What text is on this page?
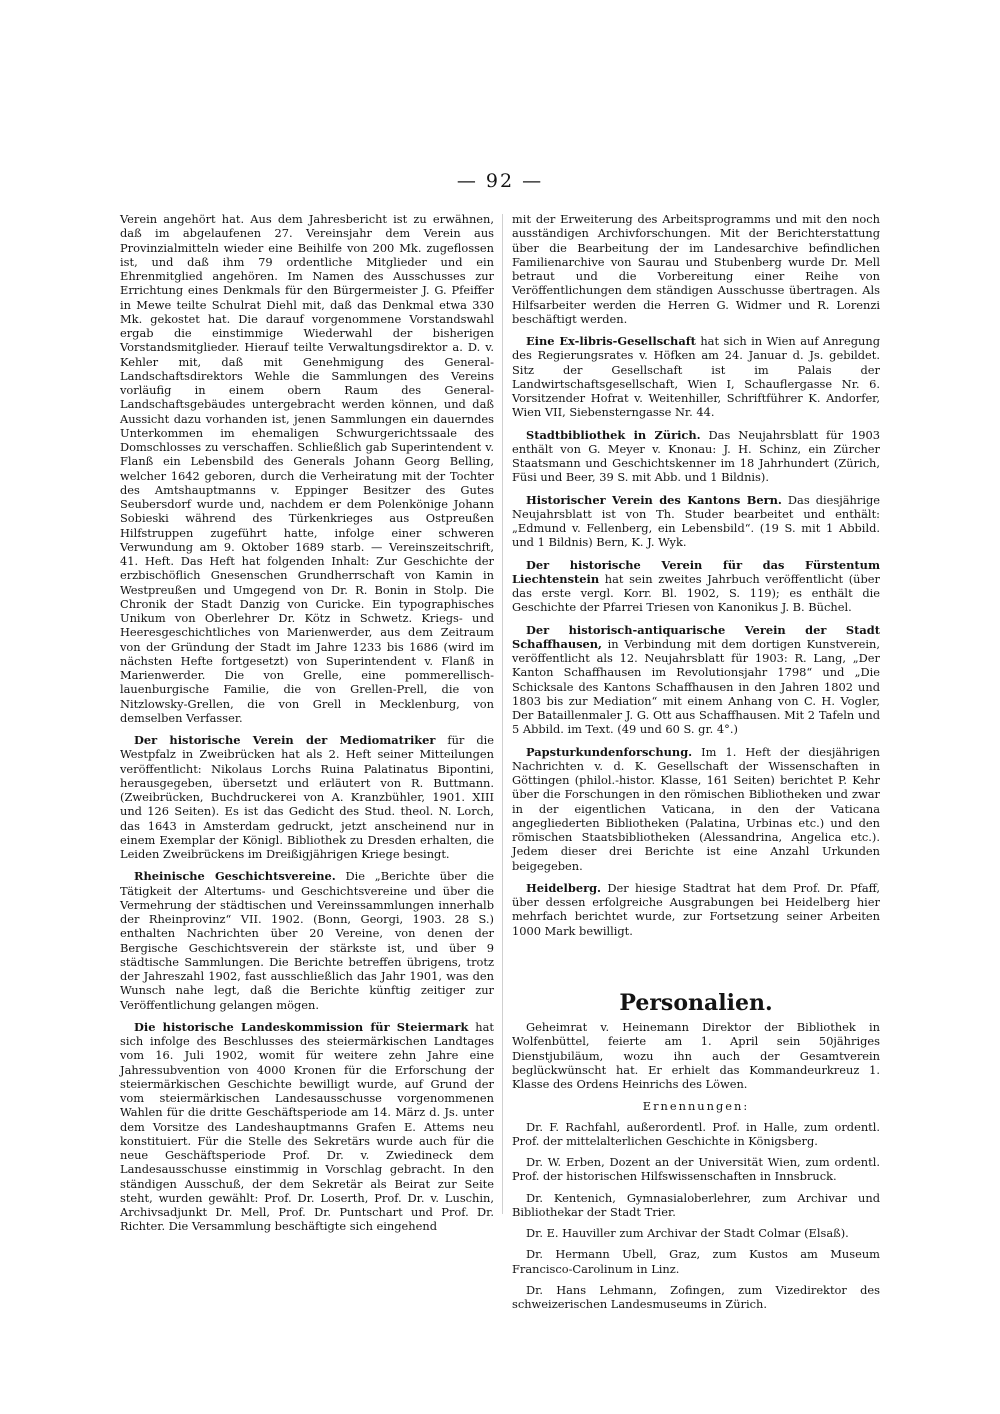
— 92 —

Verein angehört hat. Aus dem Jahresbericht ist zu erwähnen, daß im abgelaufenen 27. Vereinsjahr dem Verein aus Provinzialmitteln wieder eine Beihilfe von 200 Mk. zugeflossen ist, und daß ihm 79 ordentliche Mitglieder und ein Ehrenmitglied angehören. Im Namen des Ausschusses zur Errichtung eines Denkmals für den Bürgermeister J. G. Pfeiffer in Mewe teilte Schulrat Diehl mit, daß das Denkmal etwa 330 Mk. gekostet hat. Die darauf vorgenommene Vorstandswahl ergab die einstimmige Wiederwahl der bisherigen Vorstandsmitglieder. Hierauf teilte Verwaltungsdirektor a. D. v. Kehler mit, daß mit Genehmigung des General-Landschaftsdirektors Wehle die Sammlungen des Vereins vorläufig in einem obern Raum des General-Landschaftsgebäudes untergebracht werden können, und daß Aussicht dazu vorhanden ist, jenen Sammlungen ein dauerndes Unterkommen im ehemaligen Schwurgerichtssaale des Domschlosses zu verschaffen. Schließlich gab Superintendent v. Flanß ein Lebensbild des Generals Johann Georg Belling, welcher 1642 geboren, durch die Verheiratung mit der Tochter des Amtshauptmanns v. Eppinger Besitzer des Gutes Seubersdorf wurde und, nachdem er dem Polenkönige Johann Sobieski während des Türkenkrieges aus Ostpreußen Hilfstruppen zugeführt hatte, infolge einer schweren Verwundung am 9. Oktober 1689 starb. — Vereinszeitschrift, 41. Heft. Das Heft hat folgenden Inhalt: Zur Geschichte der erzbischöflich Gnesenschen Grundherrschaft von Kamin in Westpreußen und Umgegend von Dr. R. Bonin in Stolp. Die Chronik der Stadt Danzig von Curicke. Ein typographisches Unikum von Oberlehrer Dr. Kötz in Schwetz. Kriegs- und Heeresgeschichtliches von Marienwerder, aus dem Zeitraum von der Gründung der Stadt im Jahre 1233 bis 1686 (wird im nächsten Hefte fortgesetzt) von Superintendent v. Flanß in Marienwerder. Die von Grelle, eine pommerellisch-lauenburgische Familie, die von Grellen-Prell, die von Nitzlowsky-Grellen, die von Grell in Mecklenburg, von demselben Verfasser.

Der historische Verein der Mediomatriker für die Westpfalz in Zweibrücken hat als 2. Heft seiner Mitteilungen veröffentlicht: Nikolaus Lorchs Ruina Palatinatus Bipontini, herausgegeben, übersetzt und erläutert von R. Buttmann. (Zweibrücken, Buchdruckerei von A. Kranzbühler, 1901. XIII und 126 Seiten). Es ist das Gedicht des Stud. theol. N. Lorch, das 1643 in Amsterdam gedruckt, jetzt anscheinend nur in einem Exemplar der Königl. Bibliothek zu Dresden erhalten, die Leiden Zweibrückens im Dreißigjährigen Kriege besingt.

Rheinische Geschichtsvereine. Die „Berichte über die Tätigkeit der Altertums- und Geschichtsvereine und über die Vermehrung der städtischen und Vereinssammlungen innerhalb der Rheinprovinz“ VII. 1902. (Bonn, Georgi, 1903. 28 S.) enthalten Nachrichten über 20 Vereine, von denen der Bergische Geschichtsverein der stärkste ist, und über 9 städtische Sammlungen. Die Berichte betreffen übrigens, trotz der Jahreszahl 1902, fast ausschließlich das Jahr 1901, was den Wunsch nahe legt, daß die Berichte künftig zeitiger zur Veröffentlichung gelangen mögen.

Die historische Landeskommission für Steiermark hat sich infolge des Beschlusses des steiermärkischen Landtages vom 16. Juli 1902, womit für weitere zehn Jahre eine Jahressubvention von 4000 Kronen für die Erforschung der steiermärkischen Geschichte bewilligt wurde, auf Grund der vom steiermärkischen Landesausschusse vorgenommenen Wahlen für die dritte Geschäftsperiode am 14. März d. Js. unter dem Vorsitze des Landeshauptmanns Grafen E. Attems neu konstituiert. Für die Stelle des Sekretärs wurde auch für die neue Geschäftsperiode Prof. Dr. v. Zwiedineck dem Landesausschusse einstimmig in Vorschlag gebracht. In den ständigen Ausschuß, der dem Sekretär als Beirat zur Seite steht, wurden gewählt: Prof. Dr. Loserth, Prof. Dr. v. Luschin, Archivsadjunkt Dr. Mell, Prof. Dr. Puntschart und Prof. Dr. Richter. Die Versammlung beschäftigte sich eingehend

mit der Erweiterung des Arbeitsprogramms und mit den noch ausständigen Archivforschungen. Mit der Berichterstattung über die Bearbeitung der im Landesarchive befindlichen Familienarchive von Saurau und Stubenberg wurde Dr. Mell betraut und die Vorbereitung einer Reihe von Veröffentlichungen dem ständigen Ausschusse übertragen. Als Hilfsarbeiter werden die Herren G. Widmer und R. Lorenzi beschäftigt werden.

Eine Ex-libris-Gesellschaft hat sich in Wien auf Anregung des Regierungsrates v. Höfken am 24. Januar d. Js. gebildet. Sitz der Gesellschaft ist im Palais der Landwirtschaftsgesellschaft, Wien I, Schauflergasse Nr. 6. Vorsitzender Hofrat v. Weitenhiller, Schriftführer K. Andorfer, Wien VII, Siebensterngasse Nr. 44.

Stadtbibliothek in Zürich. Das Neujahrsblatt für 1903 enthält von G. Meyer v. Knonau: J. H. Schinz, ein Zürcher Staatsmann und Geschichtskenner im 18 Jahrhundert (Zürich, Füsi und Beer, 39 S. mit Abb. und 1 Bildnis).

Historischer Verein des Kantons Bern. Das diesjährige Neujahrsblatt ist von Th. Studer bearbeitet und enthält: „Edmund v. Fellenberg, ein Lebensbild“. (19 S. mit 1 Abbild. und 1 Bildnis) Bern, K. J. Wyk.

Der historische Verein für das Fürstentum Liechtenstein hat sein zweites Jahrbuch veröffentlicht (über das erste vergl. Korr. Bl. 1902, S. 119); es enthält die Geschichte der Pfarrei Triesen von Kanonikus J. B. Büchel.

Der historisch-antiquarische Verein der Stadt Schaffhausen, in Verbindung mit dem dortigen Kunstverein, veröffentlicht als 12. Neujahrsblatt für 1903: R. Lang, „Der Kanton Schaffhausen im Revolutionsjahr 1798“ und „Die Schicksale des Kantons Schaffhausen in den Jahren 1802 und 1803 bis zur Mediation“ mit einem Anhang von C. H. Vogler, Der Bataillenmaler J. G. Ott aus Schaffhausen. Mit 2 Tafeln und 5 Abbild. im Text. (49 und 60 S. gr. 4°.)

Papsturkundenforschung. Im 1. Heft der diesjährigen Nachrichten v. d. K. Gesellschaft der Wissenschaften in Göttingen (philol.-histor. Klasse, 161 Seiten) berichtet P. Kehr über die Forschungen in den römischen Bibliotheken und zwar in der eigentlichen Vaticana, in den der Vaticana angegliederten Bibliotheken (Palatina, Urbinas etc.) und den römischen Staatsbibliotheken (Alessandrina, Angelica etc.). Jedem dieser drei Berichte ist eine Anzahl Urkunden beigegeben.

Heidelberg. Der hiesige Stadtrat hat dem Prof. Dr. Pfaff, über dessen erfolgreiche Ausgrabungen bei Heidelberg hier mehrfach berichtet wurde, zur Fortsetzung seiner Arbeiten 1000 Mark bewilligt.

Personalien.

Geheimrat v. Heinemann Direktor der Bibliothek in Wolfenbüttel, feierte am 1. April sein 50jähriges Dienstjubiläum, wozu ihn auch der Gesamtverein beglückwünscht hat. Er erhielt das Kommandeurkreuz 1. Klasse des Ordens Heinrichs des Löwen.

Ernennungen:

Dr. F. Rachfahl, außerordentl. Prof. in Halle, zum ordentl. Prof. der mittelalterlichen Geschichte in Königsberg.

Dr. W. Erben, Dozent an der Universität Wien, zum ordentl. Prof. der historischen Hilfswissenschaften in Innsbruck.

Dr. Kentenich, Gymnasialoberlehrer, zum Archivar und Bibliothekar der Stadt Trier.

Dr. E. Hauviller zum Archivar der Stadt Colmar (Elsaß).

Dr. Hermann Ubell, Graz, zum Kustos am Museum Francisco-Carolinum in Linz.

Dr. Hans Lehmann, Zofingen, zum Vizedirektor des schweizerischen Landesmuseums in Zürich.
